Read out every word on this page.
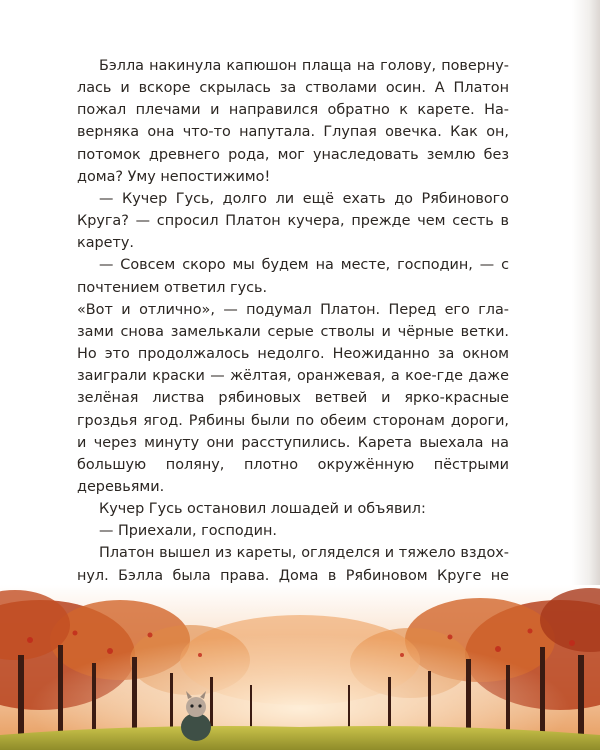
Бэлла накинула капюшон плаща на голову, поверну-лась и вскоре скрылась за стволами осин. А Платон пожал плечами и направился обратно к карете. На-верняка она что-то напутала. Глупая овечка. Как он, потомок древнего рода, мог унаследовать землю без дома? Уму непостижимо!

— Кучер Гусь, долго ли ещё ехать до Рябинового Круга? — спросил Платон кучера, прежде чем сесть в карету.

— Совсем скоро мы будем на месте, господин, — с почтением ответил гусь.

«Вот и отлично», — подумал Платон. Перед его гла-зами снова замелькали серые стволы и чёрные ветки. Но это продолжалось недолго. Неожиданно за окном заиграли краски — жёлтая, оранжевая, а кое-где даже зелёная листва рябиновых ветвей и ярко-красные гроздья ягод. Рябины были по обеим сторонам дороги, и через минуту они расступились. Карета выехала на большую поляну, плотно окружённую пёстрыми деревьями.

Кучер Гусь остановил лошадей и объявил:

— Приехали, господин.

Платон вышел из кареты, огляделся и тяжело вздох-нул. Бэлла была права. Дома в Рябиновом Круге не
